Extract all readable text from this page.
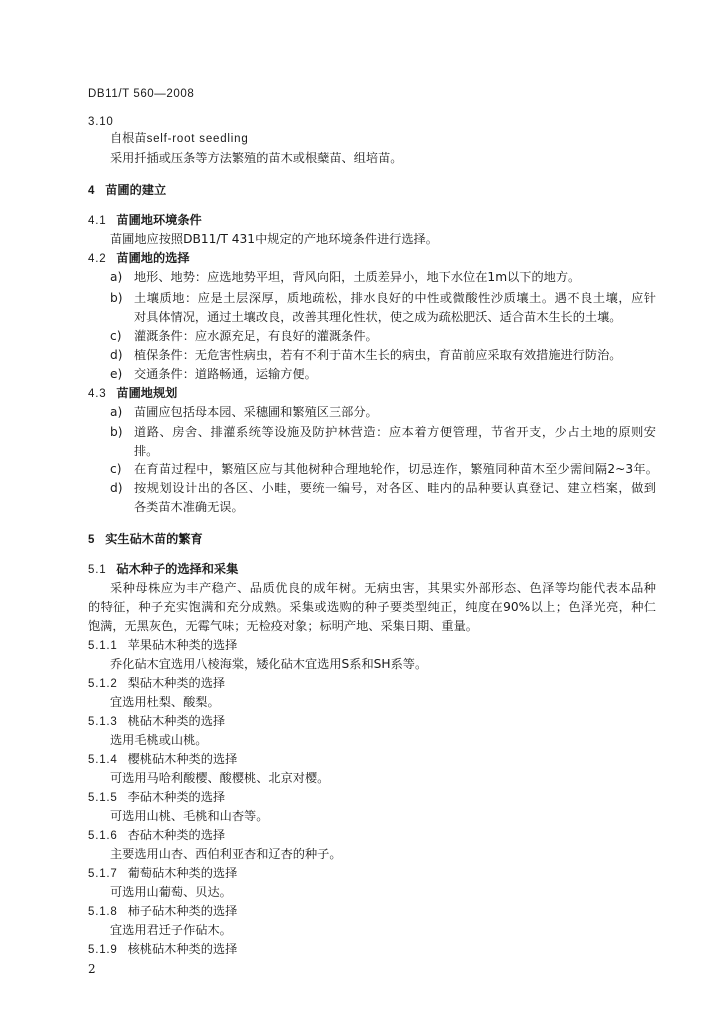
DB11/T 560—2008
3.10
自根苗self-root seedling
采用扦插或压条等方法繁殖的苗木或根蘖苗、组培苗。
4 苗圃的建立
4.1 苗圃地环境条件
苗圃地应按照DB11/T 431中规定的产地环境条件进行选择。
4.2 苗圃地的选择
a) 地形、地势：应选地势平坦，背风向阳，土质差异小，地下水位在1m以下的地方。
b) 土壤质地：应是土层深厚，质地疏松，排水良好的中性或微酸性沙质壤土。遇不良土壤，应针
对具体情况，通过土壤改良，改善其理化性状，使之成为疏松肥沃、适合苗木生长的土壤。
c) 灌溉条件：应水源充足，有良好的灌溉条件。
d) 植保条件：无危害性病虫，若有不利于苗木生长的病虫，育苗前应采取有效措施进行防治。
e) 交通条件：道路畅通，运输方便。
4.3 苗圃地规划
a) 苗圃应包括母本园、采穗圃和繁殖区三部分。
b) 道路、房舍、排灌系统等设施及防护林营造：应本着方便管理，节省开支，少占土地的原则安
排。
c) 在育苗过程中，繁殖区应与其他树种合理地轮作，切忌连作，繁殖同种苗木至少需间隔2~3年。
d) 按规划设计出的各区、小畦，要统一编号，对各区、畦内的品种要认真登记、建立档案，做到
各类苗木准确无误。
5 实生砧木苗的繁育
5.1 砧木种子的选择和采集
采种母株应为丰产稳产、品质优良的成年树。无病虫害，其果实外部形态、色泽等均能代表本品种
的特征，种子充实饱满和充分成熟。采集或选购的种子要类型纯正，纯度在90%以上；色泽光亮，种仁
饱满，无黑灰色，无霉气味；无检疫对象；标明产地、采集日期、重量。
5.1.1 苹果砧木种类的选择
乔化砧木宜选用八棱海棠，矮化砧木宜选用S系和SH系等。
5.1.2 梨砧木种类的选择
宜选用杜梨、酸梨。
5.1.3 桃砧木种类的选择
选用毛桃或山桃。
5.1.4 樱桃砧木种类的选择
可选用马哈利酸樱、酸樱桃、北京对樱。
5.1.5 李砧木种类的选择
可选用山桃、毛桃和山杏等。
5.1.6 杏砧木种类的选择
主要选用山杏、西伯利亚杏和辽杏的种子。
5.1.7 葡萄砧木种类的选择
可选用山葡萄、贝达。
5.1.8 柿子砧木种类的选择
宜选用君迁子作砧木。
5.1.9 核桃砧木种类的选择
2
